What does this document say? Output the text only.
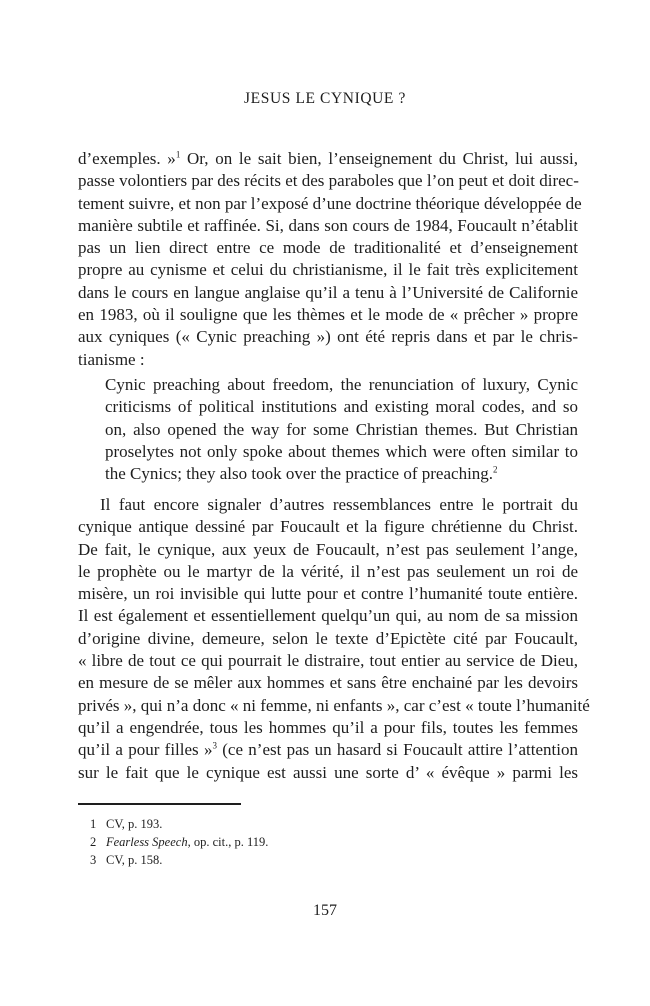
JESUS LE CYNIQUE ?
d’exemples. »$^1$ Or, on le sait bien, l’enseignement du Christ, lui aussi,
passe volontiers par des récits et des paraboles que l’on peut et doit direc-
tement suivre, et non par l’exposé d’une doctrine théorique développée de
manière subtile et raffinée. Si, dans son cours de 1984, Foucault n’établit
pas un lien direct entre ce mode de traditionalité et d’enseignement
propre au cynisme et celui du christianisme, il le fait très explicitement
dans le cours en langue anglaise qu’il a tenu à l’Université de Californie
en 1983, où il souligne que les thèmes et le mode de « prêcher » propre
aux cyniques (« Cynic preaching ») ont été repris dans et par le chris-
tianisme :
Cynic preaching about freedom, the renunciation of luxury, Cynic
criticisms of political institutions and existing moral codes, and so
on, also opened the way for some Christian themes. But Christian
proselytes not only spoke about themes which were often similar to
the Cynics; they also took over the practice of preaching.$^2$
Il faut encore signaler d’autres ressemblances entre le portrait du
cynique antique dessiné par Foucault et la figure chrétienne du Christ.
De fait, le cynique, aux yeux de Foucault, n’est pas seulement l’ange,
le prophète ou le martyr de la vérité, il n’est pas seulement un roi de
misère, un roi invisible qui lutte pour et contre l’humanité toute entière.
Il est également et essentiellement quelqu’un qui, au nom de sa mission
d’origine divine, demeure, selon le texte d’Epictète cité par Foucault,
« libre de tout ce qui pourrait le distraire, tout entier au service de Dieu,
en mesure de se mêler aux hommes et sans être enchainé par les devoirs
privés », qui n’a donc « ni femme, ni enfants », car c’est « toute l’humanité
qu’il a engendrée, tous les hommes qu’il a pour fils, toutes les femmes
qu’il a pour filles »$^3$ (ce n’est pas un hasard si Foucault attire l’attention
sur le fait que le cynique est aussi une sorte d’ « évêque » parmi les
1 CV, p. 193.
2 Fearless Speech, op. cit., p. 119.
3 CV, p. 158.
157
